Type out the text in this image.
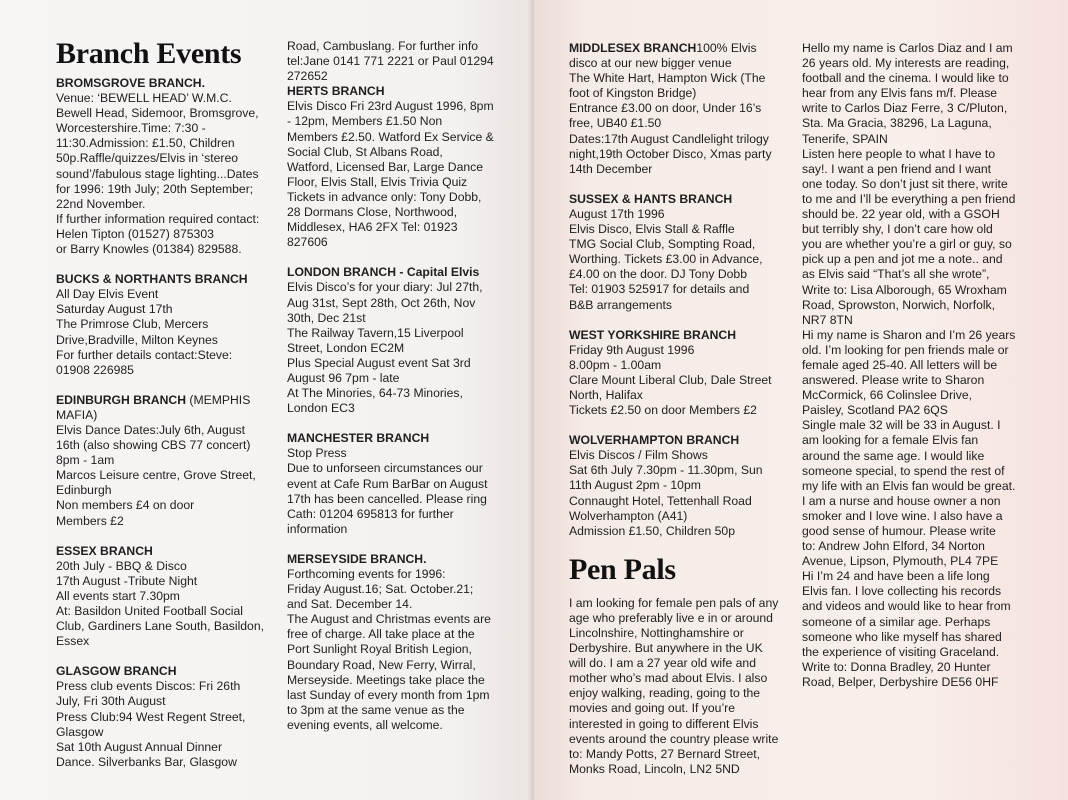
Branch Events
BROMSGROVE BRANCH.
Venue: ‘BEWELL HEAD’ W.M.C.
Bewell Head, Sidemoor, Bromsgrove,
Worcestershire.Time: 7:30 -
11:30.Admission: £1.50, Children
50p.Raffle/quizzes/Elvis in ‘stereo
sound’/fabulous stage lighting...Dates
for 1996: 19th July; 20th September;
22nd November.
If further information required contact:
Helen Tipton (01527) 875303
or Barry Knowles (01384) 829588.
BUCKS & NORTHANTS BRANCH
All Day Elvis Event
Saturday August 17th
The Primrose Club, Mercers
Drive,Bradville, Milton Keynes
For further details contact:Steve:
01908 226985
EDINBURGH BRANCH (MEMPHIS MAFIA)
Elvis Dance Dates:July 6th, August
16th (also showing CBS 77 concert)
8pm - 1am
Marcos Leisure centre, Grove Street,
Edinburgh
Non members £4 on door
Members £2
ESSEX BRANCH
20th July - BBQ & Disco
17th August -Tribute Night
All events start 7.30pm
At: Basildon United Football Social
Club, Gardiners Lane South, Basildon,
Essex
GLASGOW BRANCH
Press club events Discos: Fri 26th
July, Fri 30th August
Press Club:94 West Regent Street,
Glasgow
Sat 10th August Annual Dinner
Dance. Silverbanks Bar, Glasgow

Road, Cambuslang. For further info
tel:Jane 0141 771 2221 or Paul 01294
272652

HERTS BRANCH
Elvis Disco Fri 23rd August 1996, 8pm
- 12pm, Members £1.50 Non
Members £2.50. Watford Ex Service &
Social Club, St Albans Road,
Watford, Licensed Bar, Large Dance
Floor, Elvis Stall, Elvis Trivia Quiz
Tickets in advance only: Tony Dobb,
28 Dormans Close, Northwood,
Middlesex, HA6 2FX Tel: 01923
827606
LONDON BRANCH - Capital Elvis
Elvis Disco’s for your diary: Jul 27th,
Aug 31st, Sept 28th, Oct 26th, Nov
30th, Dec 21st
The Railway Tavern,15 Liverpool
Street, London EC2M
Plus Special August event Sat 3rd
August 96 7pm - late
At The Minories, 64-73 Minories,
London EC3
MANCHESTER BRANCH
Stop Press
Due to unforseen circumstances our
event at Cafe Rum BarBar on August
17th has been cancelled. Please ring
Cath: 01204 695813 for further
information
MERSEYSIDE BRANCH.
Forthcoming events for 1996:
Friday August.16; Sat. October.21;
and Sat. December 14.
The August and Christmas events are
free of charge. All take place at the
Port Sunlight Royal British Legion,
Boundary Road, New Ferry, Wirral,
Merseyside. Meetings take place the
last Sunday of every month from 1pm
to 3pm at the same venue as the
evening events, all welcome.
MIDDLESEX BRANCH100% Elvis
disco at our new bigger venue
The White Hart, Hampton Wick (The
foot of Kingston Bridge)
Entrance £3.00 on door, Under 16’s
free, UB40 £1.50
Dates:17th August Candlelight trilogy
night,19th October Disco, Xmas party
14th December
SUSSEX & HANTS BRANCH
August 17th 1996
Elvis Disco, Elvis Stall & Raffle
TMG Social Club, Sompting Road,
Worthing. Tickets £3.00 in Advance,
£4.00 on the door. DJ Tony Dobb
Tel: 01903 525917 for details and
B&B arrangements
WEST YORKSHIRE BRANCH
Friday 9th August 1996
8.00pm - 1.00am
Clare Mount Liberal Club, Dale Street
North, Halifax
Tickets £2.50 on door Members £2
WOLVERHAMPTON BRANCH
Elvis Discos / Film Shows
Sat 6th July 7.30pm - 11.30pm, Sun
11th August 2pm - 10pm
Connaught Hotel, Tettenhall Road
Wolverhampton (A41)
Admission £1.50, Children 50p
Pen Pals

I am looking for female pen pals of any
age who preferably live e in or around
Lincolnshire, Nottinghamshire or
Derbyshire. But anywhere in the UK
will do. I am a 27 year old wife and
mother who’s mad about Elvis. I also
enjoy walking, reading, going to the
movies and going out. If you’re
interested in going to different Elvis
events around the country please write
to: Mandy Potts, 27 Bernard Street,
Monks Road, Lincoln, LN2 5ND

Hello my name is Carlos Diaz and I am
26 years old. My interests are reading,
football and the cinema. I would like to
hear from any Elvis fans m/f. Please
write to Carlos Diaz Ferre, 3 C/Pluton,
Sta. Ma Gracia, 38296, La Laguna,
Tenerife, SPAIN

Listen here people to what I have to
say!. I want a pen friend and I want
one today. So don’t just sit there, write
to me and I’ll be everything a pen friend
should be. 22 year old, with a GSOH
but terribly shy, I don’t care how old
you are whether you’re a girl or guy, so
pick up a pen and jot me a note.. and
as Elvis said “That’s all she wrote”,
Write to: Lisa Alborough, 65 Wroxham
Road, Sprowston, Norwich, Norfolk,
NR7 8TN

Hi my name is Sharon and I’m 26 years
old. I’m looking for pen friends male or
female aged 25-40. All letters will be
answered. Please write to Sharon
McCormick, 66 Colinslee Drive,
Paisley, Scotland PA2 6QS

Single male 32 will be 33 in August. I
am looking for a female Elvis fan
around the same age. I would like
someone special, to spend the rest of
my life with an Elvis fan would be great.
I am a nurse and house owner a non
smoker and I love wine. I also have a
good sense of humour. Please write
to: Andrew John Elford, 34 Norton
Avenue, Lipson, Plymouth, PL4 7PE

Hi I’m 24 and have been a life long
Elvis fan. I love collecting his records
and videos and would like to hear from
someone of a similar age. Perhaps
someone who like myself has shared
the experience of visiting Graceland.
Write to: Donna Bradley, 20 Hunter
Road, Belper, Derbyshire DE56 0HF
